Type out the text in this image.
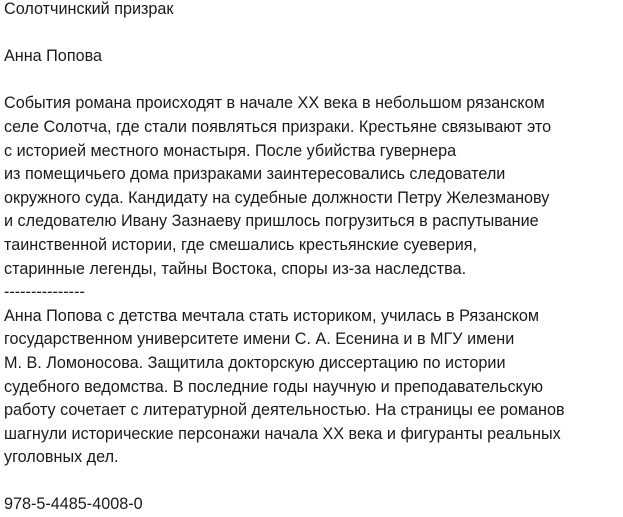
Солотчинский призрак
Анна Попова

События романа происходят в начале XX века в небольшом рязанском
селе Солотча, где стали появляться призраки. Крестьяне связывают это
с историей местного монастыря. После убийства гувернера
из помещичьего дома призраками заинтересовались следователи
окружного суда. Кандидату на судебные должности Петру Железманову
и следователю Ивану Зазнаеву пришлось погрузиться в распутывание
таинственной истории, где смешались крестьянские суеверия,
старинные легенды, тайны Востока, споры из-за наследства.

---------------

Анна Попова с детства мечтала стать историком, училась в Рязанском
государственном университете имени С. А. Есенина и в МГУ имени
М. В. Ломоносова. Защитила докторскую диссертацию по истории
судебного ведомства. В последние годы научную и преподавательскую
работу сочетает с литературной деятельностью. На страницы ее романов
шагнули исторические персонажи начала XX века и фигуранты реальных
уголовных дел.

978-5-4485-4008-0
